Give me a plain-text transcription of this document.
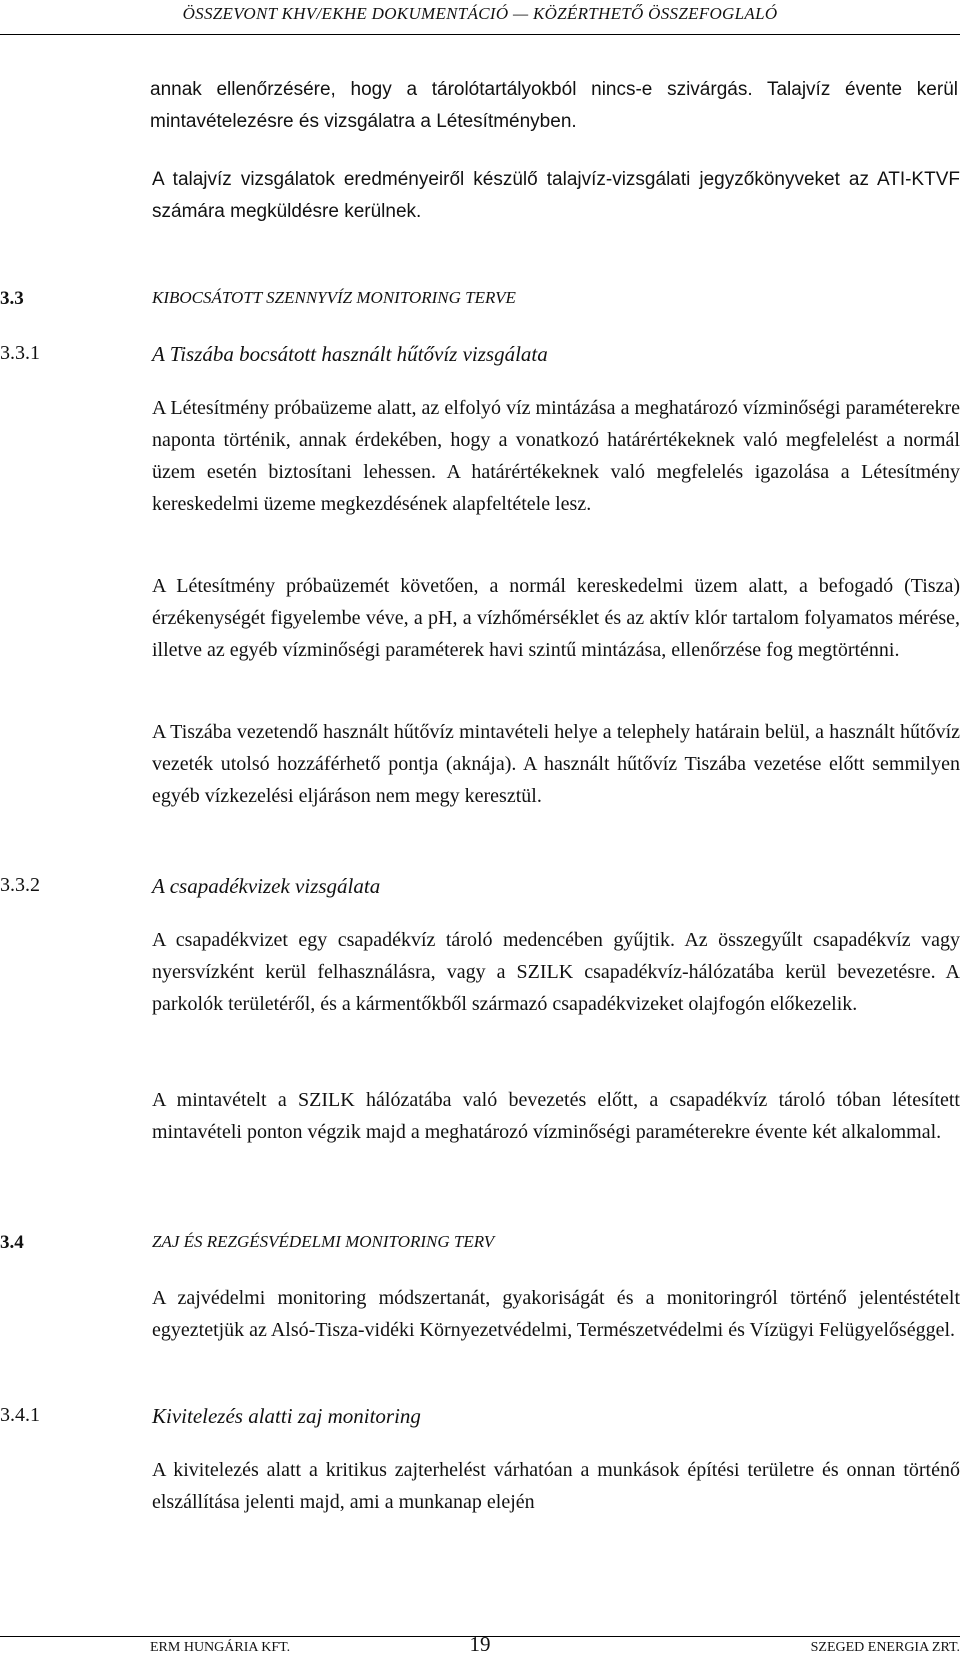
ÖSSZEVONT KHV/EKHE DOKUMENTÁCIÓ — KÖZÉRTHETŐ ÖSSZEFOGLALÓ

annak ellenőrzésére, hogy a tárolótartályokból nincs-e szivárgás. Talajvíz évente kerül mintavételezésre és vizsgálatra a Létesítményben.

A talajvíz vizsgálatok eredményeiről készülő talajvíz-vizsgálati jegyzőkönyveket az ATI-KTVF számára megküldésre kerülnek.

3.3	KIBOCSÁTOTT SZENNYVÍZ MONITORING TERVE
3.3.1	A Tiszába bocsátott használt hűtővíz vizsgálata

A Létesítmény próbaüzeme alatt, az elfolyó víz mintázása a meghatározó vízminőségi paraméterekre naponta történik, annak érdekében, hogy a vonatkozó határértékeknek való megfelelést a normál üzem esetén biztosítani lehessen. A határértékeknek való megfelelés igazolása a Létesítmény kereskedelmi üzeme megkezdésének alapfeltétele lesz.

A Létesítmény próbaüzemét követően, a normál kereskedelmi üzem alatt, a befogadó (Tisza) érzékenységét figyelembe véve, a pH, a vízhőmérséklet és az aktív klór tartalom folyamatos mérése, illetve az egyéb vízminőségi paraméterek havi szintű mintázása, ellenőrzése fog megtörténni.

A Tiszába vezetendő használt hűtővíz mintavételi helye a telephely határain belül, a használt hűtővíz vezeték utolsó hozzáférhető pontja (aknája). A használt hűtővíz Tiszába vezetése előtt semmilyen egyéb vízkezelési eljáráson nem megy keresztül.

3.3.2	A csapadékvizek vizsgálata

A csapadékvizet egy csapadékvíz tároló medencében gyűjtik. Az összegyűlt csapadékvíz vagy nyersvízként kerül felhasználásra, vagy a SZILK csapadékvíz-hálózatába kerül bevezetésre. A parkolók területéről, és a kármentőkből származó csapadékvizeket olajfogón előkezelik.

A mintavételt a SZILK hálózatába való bevezetés előtt, a csapadékvíz tároló tóban létesített mintavételi ponton végzik majd a meghatározó vízminőségi paraméterekre évente két alkalommal.

3.4	ZAJ ÉS REZGÉSVÉDELMI MONITORING TERV

A zajvédelmi monitoring módszertanát, gyakoriságát és a monitoringról történő jelentéstételt egyeztetjük az Alsó-Tisza-vidéki Környezetvédelmi, Természetvédelmi és Vízügyi Felügyelőséggel.

3.4.1	Kivitelezés alatti zaj monitoring

A kivitelezés alatt a kritikus zajterhelést várhatóan a munkások építési területre és onnan történő elszállítása jelenti majd, ami a munkanap elején

ERM HUNGÁRIA KFT.	19	SZEGED ENERGIA ZRT.
